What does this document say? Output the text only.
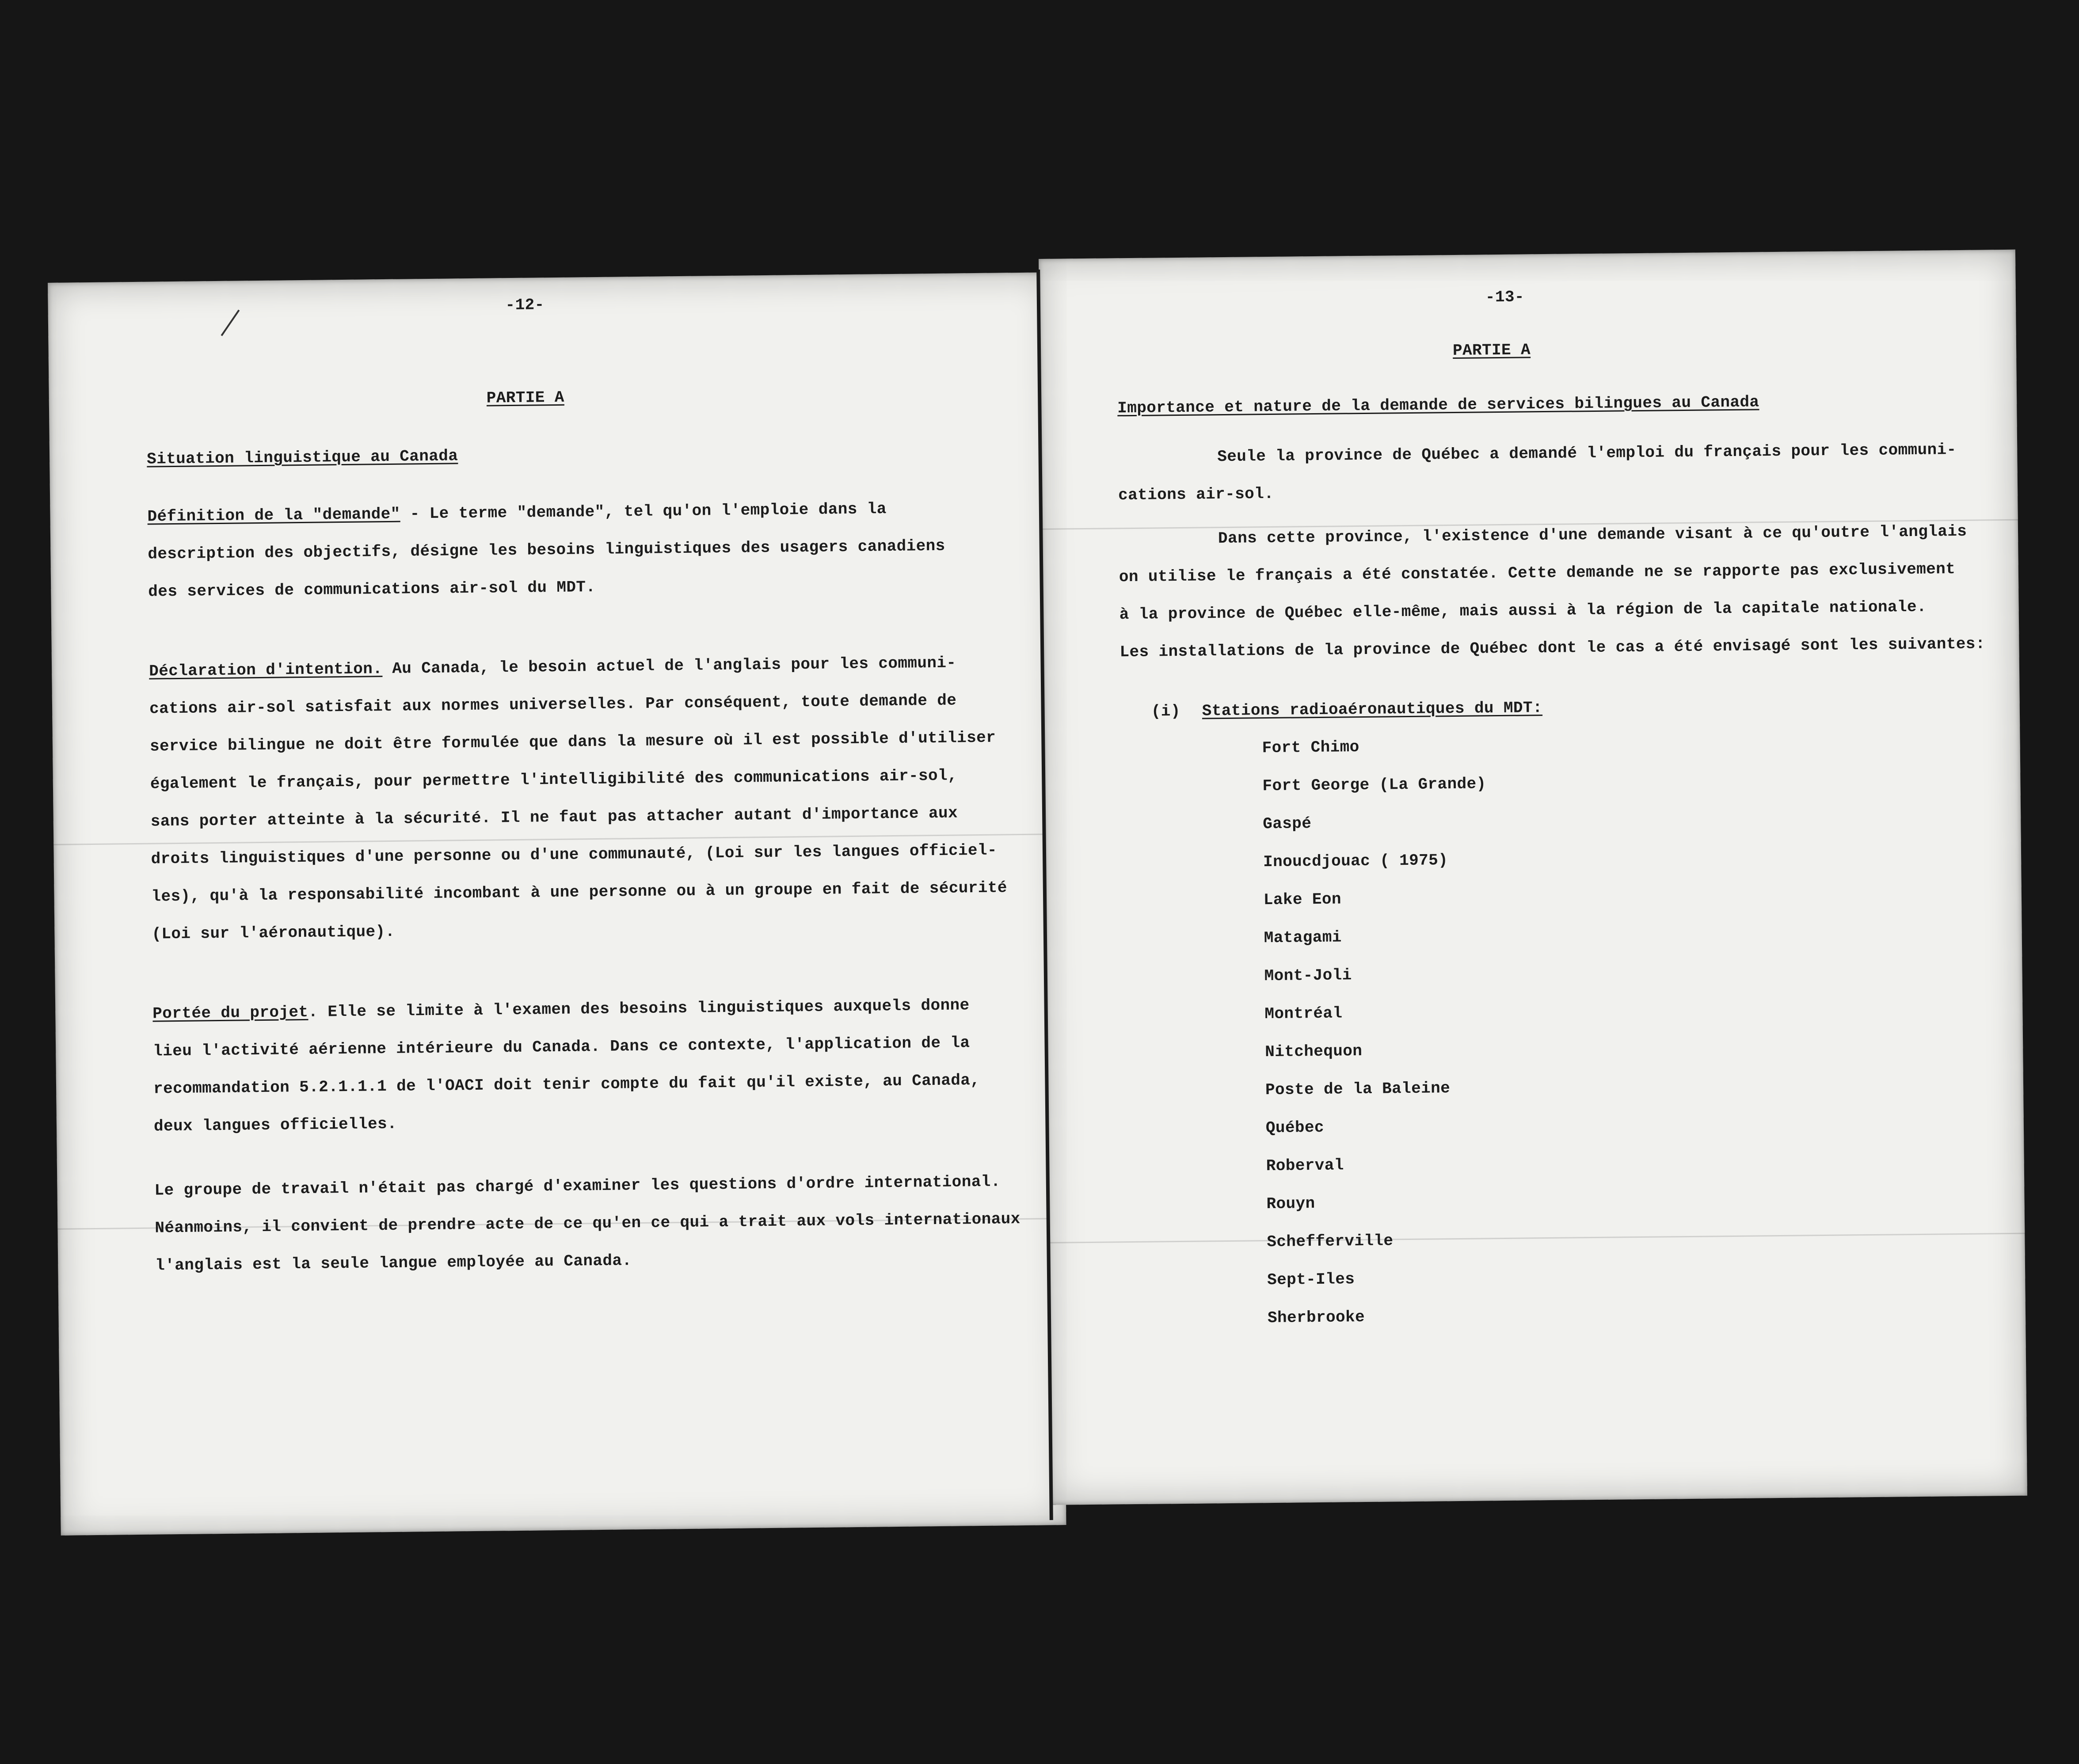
-12-
PARTIE A
Situation linguistique au Canada
Définition de la "demande" - Le terme "demande", tel qu'on l'emploie dans la
description des objectifs, désigne les besoins linguistiques des usagers canadiens
des services de communications air-sol du MDT.
Déclaration d'intention. Au Canada, le besoin actuel de l'anglais pour les communi-
cations air-sol satisfait aux normes universelles. Par conséquent, toute demande de
service bilingue ne doit être formulée que dans la mesure où il est possible d'utiliser
également le français, pour permettre l'intelligibilité des communications air-sol,
sans porter atteinte à la sécurité. Il ne faut pas attacher autant d'importance aux
droits linguistiques d'une personne ou d'une communauté, (Loi sur les langues officiel-
les), qu'à la responsabilité incombant à une personne ou à un groupe en fait de sécurité
(Loi sur l'aéronautique).
Portée du projet. Elle se limite à l'examen des besoins linguistiques auxquels donne
lieu l'activité aérienne intérieure du Canada. Dans ce contexte, l'application de la
recommandation 5.2.1.1.1 de l'OACI doit tenir compte du fait qu'il existe, au Canada,
deux langues officielles.
Le groupe de travail n'était pas chargé d'examiner les questions d'ordre international.
Néanmoins, il convient de prendre acte de ce qu'en ce qui a trait aux vols internationaux
l'anglais est la seule langue employée au Canada.
-13-
PARTIE A
Importance et nature de la demande de services bilingues au Canada
Seule la province de Québec a demandé l'emploi du français pour les communi-
cations air-sol.
Dans cette province, l'existence d'une demande visant à ce qu'outre l'anglais
on utilise le français a été constatée. Cette demande ne se rapporte pas exclusivement
à la province de Québec elle-même, mais aussi à la région de la capitale nationale.
Les installations de la province de Québec dont le cas a été envisagé sont les suivantes:
(i) Stations radioaéronautiques du MDT:
Fort Chimo
Fort George (La Grande)
Gaspé
Inoucdjouac ( 1975)
Lake Eon
Matagami
Mont-Joli
Montréal
Nitchequon
Poste de la Baleine
Québec
Roberval
Rouyn
Schefferville
Sept-Iles
Sherbrooke
